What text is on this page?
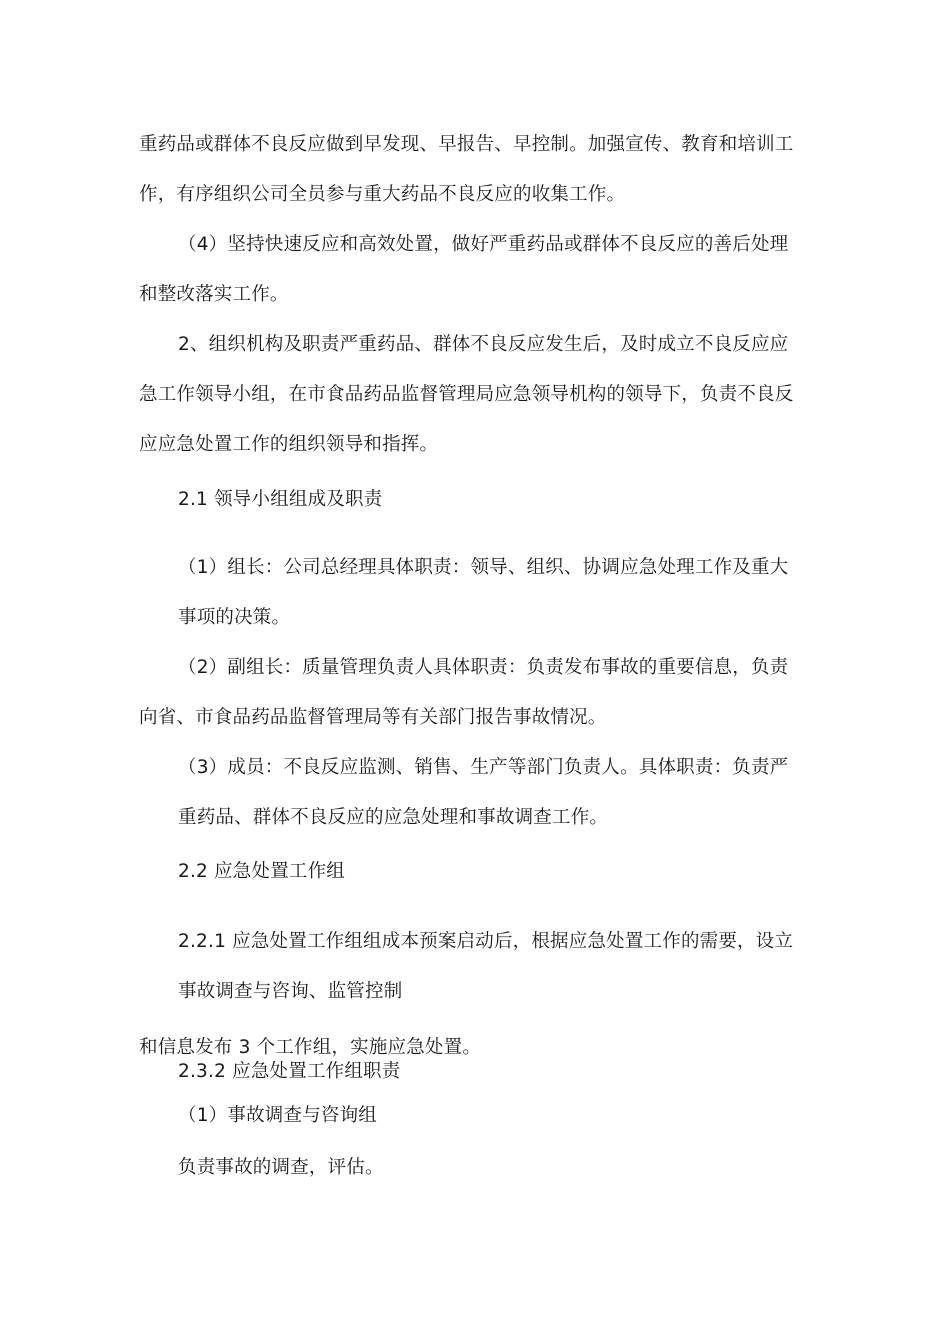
重药品或群体不良反应做到早发现、早报告、早控制。加强宣传、教育和培训工
作，有序组织公司全员参与重大药品不良反应的收集工作。
（4）坚持快速反应和高效处置，做好严重药品或群体不良反应的善后处理
和整改落实工作。
2、组织机构及职责严重药品、群体不良反应发生后，及时成立不良反应应
急工作领导小组，在市食品药品监督管理局应急领导机构的领导下，负责不良反
应应急处置工作的组织领导和指挥。
2.1 领导小组组成及职责
（1）组长：公司总经理具体职责：领导、组织、协调应急处理工作及重大
事项的决策。
（2）副组长：质量管理负责人具体职责：负责发布事故的重要信息，负责
向省、市食品药品监督管理局等有关部门报告事故情况。
（3）成员：不良反应监测、销售、生产等部门负责人。具体职责：负责严
重药品、群体不良反应的应急处理和事故调查工作。
2.2 应急处置工作组
2.2.1 应急处置工作组组成本预案启动后，根据应急处置工作的需要，设立
事故调查与咨询、监管控制
和信息发布 3 个工作组，实施应急处置。
2.3.2 应急处置工作组职责
（1）事故调查与咨询组
负责事故的调查，评估。
